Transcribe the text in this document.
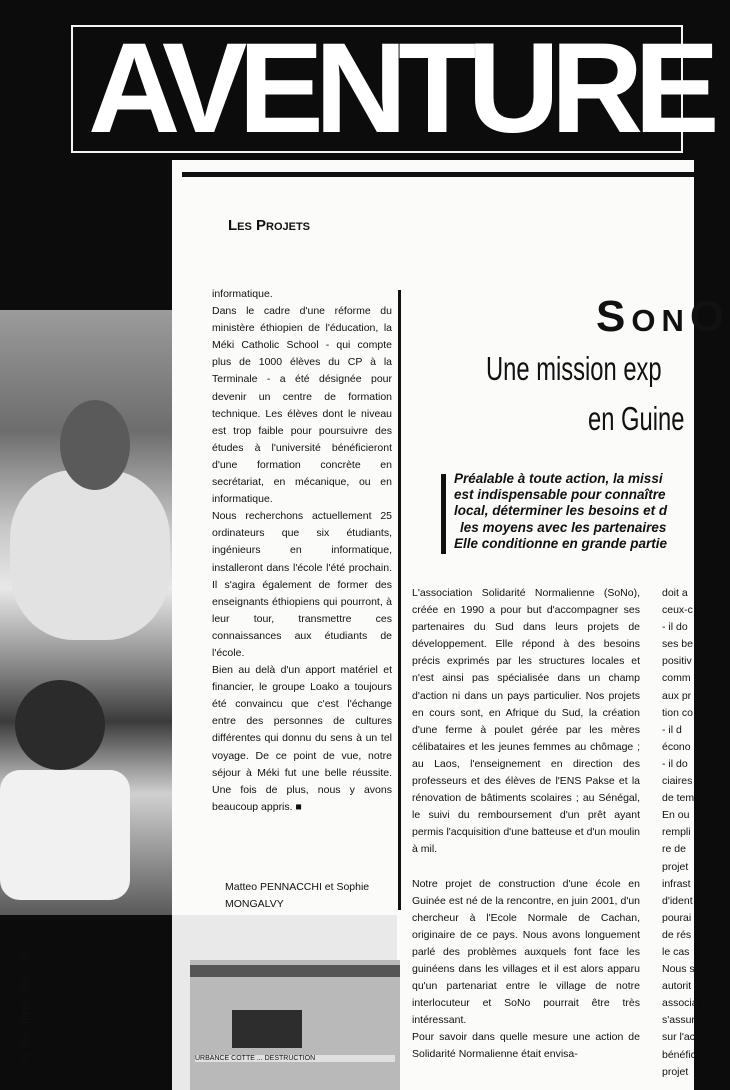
AVENTURE
Les Projets

informatique.

Dans le cadre d'une réforme du ministère éthiopien de l'éducation, la Méki Catholic School - qui compte plus de 1000 élèves du CP à la Terminale - a été désignée pour devenir un centre de formation technique. Les élèves dont le niveau est trop faible pour poursuivre des études à l'université bénéficieront d'une formation concrète en secrétariat, en mécanique, ou en informatique.

Nous recherchons actuellement 25 ordinateurs que six étudiants, ingénieurs en informatique, installeront dans l'école l'été prochain. Il s'agira également de former des enseignants éthiopiens qui pourront, à leur tour, transmettre ces connaissances aux étudiants de l'école.

Bien au delà d'un apport matériel et financier, le groupe Loako a toujours été convaincu que c'est l'échange entre des personnes de cultures différentes qui donnu du sens à un tel voyage. De ce point de vue, notre séjour à Méki fut une belle réussite. Une fois de plus, nous y avons beaucoup appris. ■

Matteo PENNACCHI et Sophie MONGALVY
URBANCE COTTE ... DESTRUCTION
N° 94 - hiver 2002 - 3€
SonO
Une mission exp
en Guine
Préalable à toute action, la missi
est indispensable pour connaître
local, déterminer les besoins et d
les moyens avec les partenaires
Elle conditionne en grande partie

L'association Solidarité Normalienne (SoNo), créée en 1990 a pour but d'accompagner ses partenaires du Sud dans leurs projets de développement. Elle répond à des besoins précis exprimés par les structures locales et n'est ainsi pas spécialisée dans un champ d'action ni dans un pays particulier. Nos projets en cours sont, en Afrique du Sud, la création d'une ferme à poulet gérée par les mères célibataires et les jeunes femmes au chômage ; au Laos, l'enseignement en direction des professeurs et des élèves de l'ENS Pakse et la rénovation de bâtiments scolaires ; au Sénégal, le suivi du remboursement d'un prêt ayant permis l'acquisition d'une batteuse et d'un moulin à mil.

Notre projet de construction d'une école en Guinée est né de la rencontre, en juin 2001, d'un chercheur à l'Ecole Normale de Cachan, originaire de ce pays. Nous avons longuement parlé des problèmes auxquels font face les guinéens dans les villages et il est alors apparu qu'un partenariat entre le village de notre interlocuteur et SoNo pourrait être très intéressant.

Pour savoir dans quelle mesure une action de Solidarité Normalienne était envisa-

doit a
ceux-c
- il do
ses be
positiv
comm
aux pr
tion co
- il d
écono
- il do
ciaires
de tem
En ou
rempli
re de
projet
infrast
d'ident
pourai
de rés
le cas
Nous s
autorit
associa
s'assur
sur l'ac
bénéfic
projet
